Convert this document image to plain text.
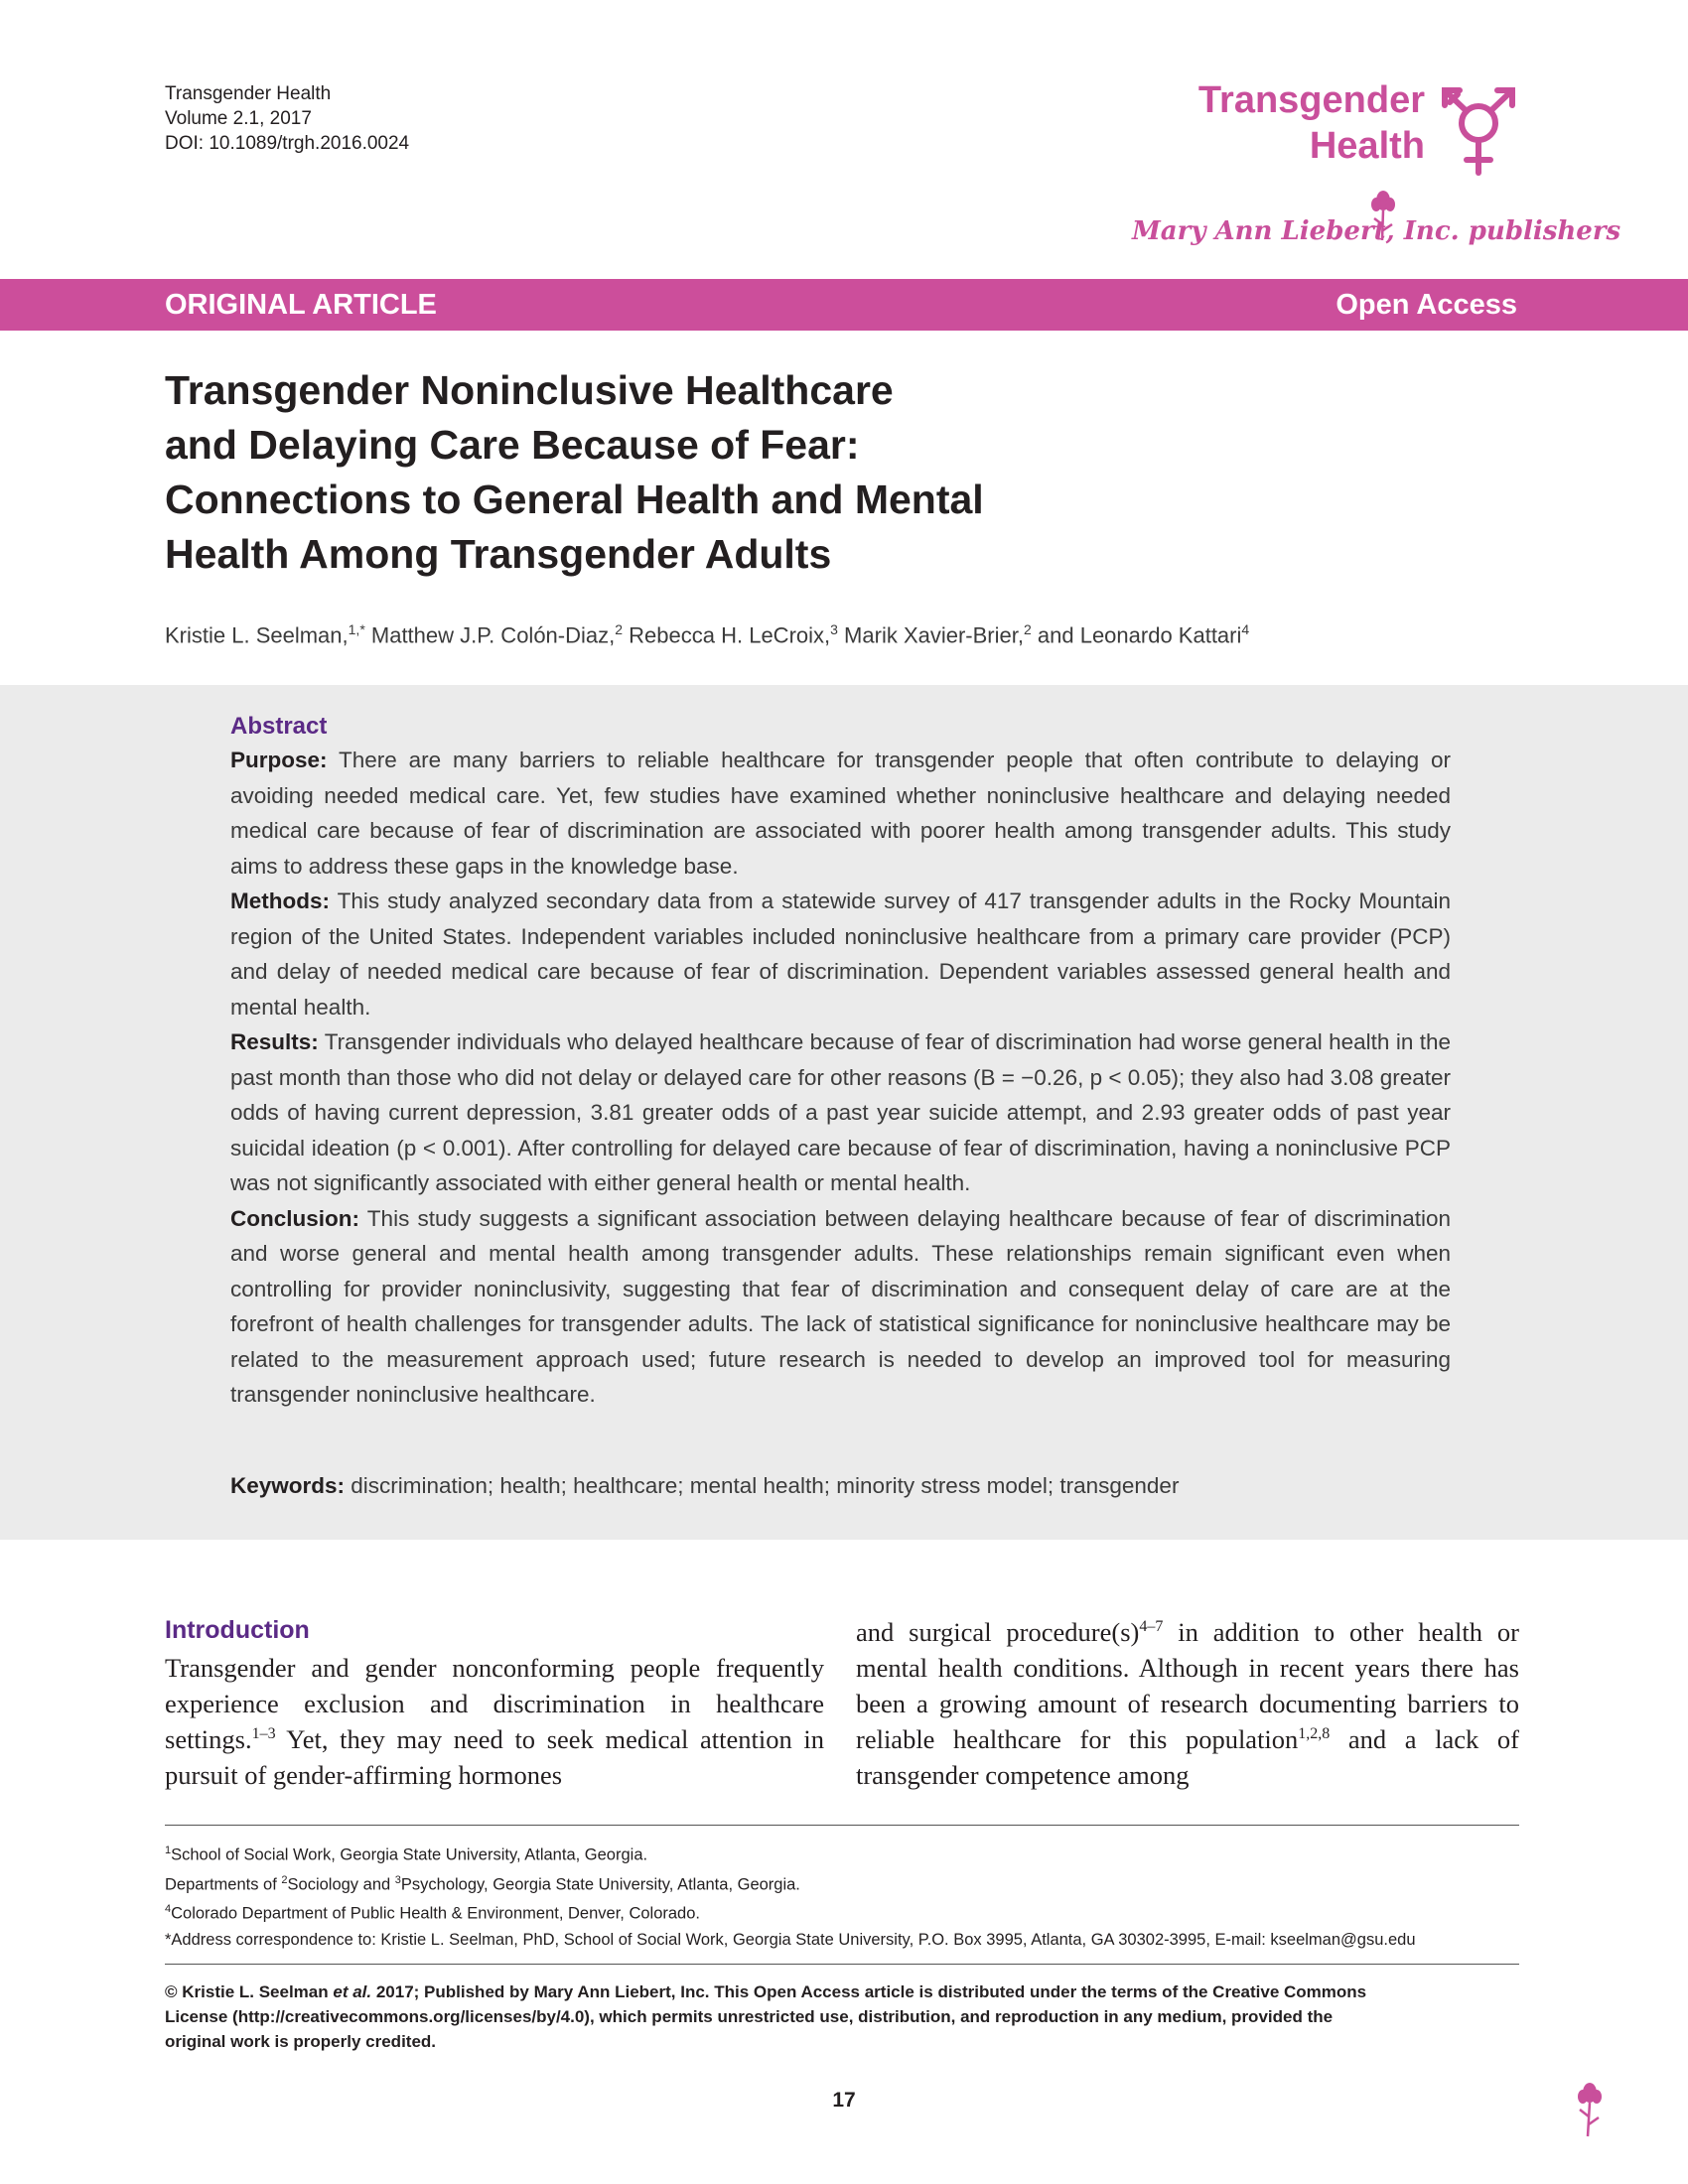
Transgender Health
Volume 2.1, 2017
DOI: 10.1089/trgh.2016.0024
Transgender
Health
Mary Ann Liebert, Inc. publishers
ORIGINAL ARTICLE	Open Access
Transgender Noninclusive Healthcare
and Delaying Care Because of Fear:
Connections to General Health and Mental
Health Among Transgender Adults
Kristie L. Seelman,$^{1,*}$ Matthew J.P. Colón-Diaz,$^2$ Rebecca H. LeCroix,$^3$ Marik Xavier-Brier,$^2$ and Leonardo Kattari$^4$
Abstract

Purpose: There are many barriers to reliable healthcare for transgender people that often contribute to delaying or avoiding needed medical care. Yet, few studies have examined whether noninclusive healthcare and delaying needed medical care because of fear of discrimination are associated with poorer health among transgender adults. This study aims to address these gaps in the knowledge base.

Methods: This study analyzed secondary data from a statewide survey of 417 transgender adults in the Rocky Mountain region of the United States. Independent variables included noninclusive healthcare from a primary care provider (PCP) and delay of needed medical care because of fear of discrimination. Dependent variables assessed general health and mental health.

Results: Transgender individuals who delayed healthcare because of fear of discrimination had worse general health in the past month than those who did not delay or delayed care for other reasons (B = −0.26, p < 0.05); they also had 3.08 greater odds of having current depression, 3.81 greater odds of a past year suicide attempt, and 2.93 greater odds of past year suicidal ideation (p < 0.001). After controlling for delayed care because of fear of discrimination, having a noninclusive PCP was not significantly associated with either general health or mental health.

Conclusion: This study suggests a significant association between delaying healthcare because of fear of discrimination and worse general and mental health among transgender adults. These relationships remain significant even when controlling for provider noninclusivity, suggesting that fear of discrimination and consequent delay of care are at the forefront of health challenges for transgender adults. The lack of statistical significance for noninclusive healthcare may be related to the measurement approach used; future research is needed to develop an improved tool for measuring transgender noninclusive healthcare.

Keywords: discrimination; health; healthcare; mental health; minority stress model; transgender
Introduction
Transgender and gender nonconforming people frequently experience exclusion and discrimination in healthcare settings.$^{1-3}$ Yet, they may need to seek medical attention in pursuit of gender-affirming hormones
and surgical $procedure(s)^{4-7}$ in addition to other health or mental health conditions. Although in recent years there has been a growing amount of research documenting barriers to reliable healthcare for this population$^{1,2,8}$ and a lack of transgender competence among
$^1$School of Social Work, Georgia State University, Atlanta, Georgia.
Departments of $^2$Sociology and $^3$Psychology, Georgia State University, Atlanta, Georgia.
$^4$Colorado Department of Public Health & Environment, Denver, Colorado.
*Address correspondence to: Kristie L. Seelman, PhD, School of Social Work, Georgia State University, P.O. Box 3995, Atlanta, GA 30302-3995, E-mail: kseelman@gsu.edu
© Kristie L. Seelman et al. 2017; Published by Mary Ann Liebert, Inc. This Open Access article is distributed under the terms of the Creative Commons
License (http://creativecommons.org/licenses/by/4.0), which permits unrestricted use, distribution, and reproduction in any medium, provided the
original work is properly credited.
17
